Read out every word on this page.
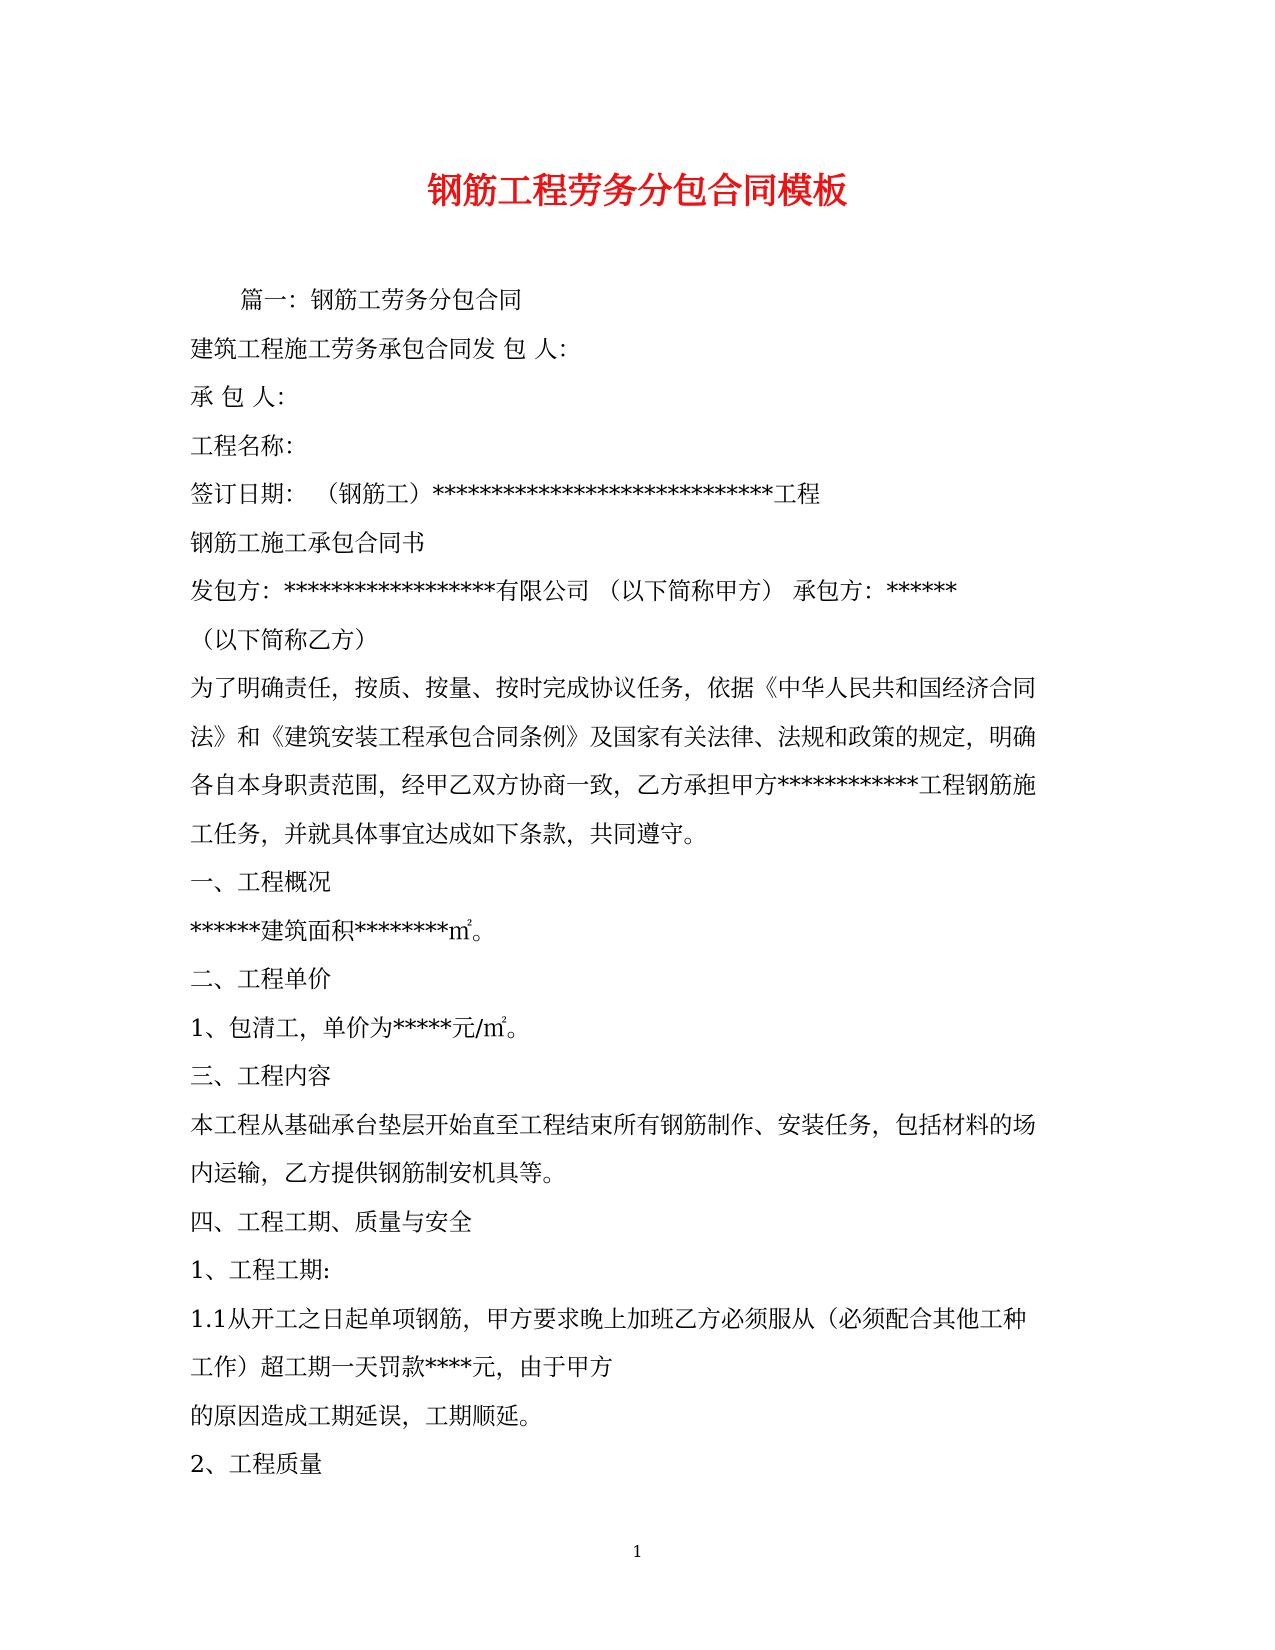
钢筋工程劳务分包合同模板
篇一：钢筋工劳务分包合同
建筑工程施工劳务承包合同发 包 人：
承 包 人：
工程名称：
签订日期： （钢筋工）*****************************工程
钢筋工施工承包合同书
发包方：******************有限公司 （以下简称甲方） 承包方：******
（以下简称乙方）
为了明确责任，按质、按量、按时完成协议任务，依据《中华人民共和国经济合同
法》和《建筑安装工程承包合同条例》及国家有关法律、法规和政策的规定，明确
各自本身职责范围，经甲乙双方协商一致，乙方承担甲方************工程钢筋施
工任务，并就具体事宜达成如下条款，共同遵守。
一、工程概况
******建筑面积********㎡。
二、工程单价
1、包清工，单价为*****元/㎡。
三、工程内容
本工程从基础承台垫层开始直至工程结束所有钢筋制作、安装任务，包括材料的场
内运输，乙方提供钢筋制安机具等。
四、工程工期、质量与安全
1、工程工期:
1.1从开工之日起单项钢筋，甲方要求晚上加班乙方必须服从（必须配合其他工种
工作）超工期一天罚款****元，由于甲方
的原因造成工期延误，工期顺延。
2、工程质量
1
